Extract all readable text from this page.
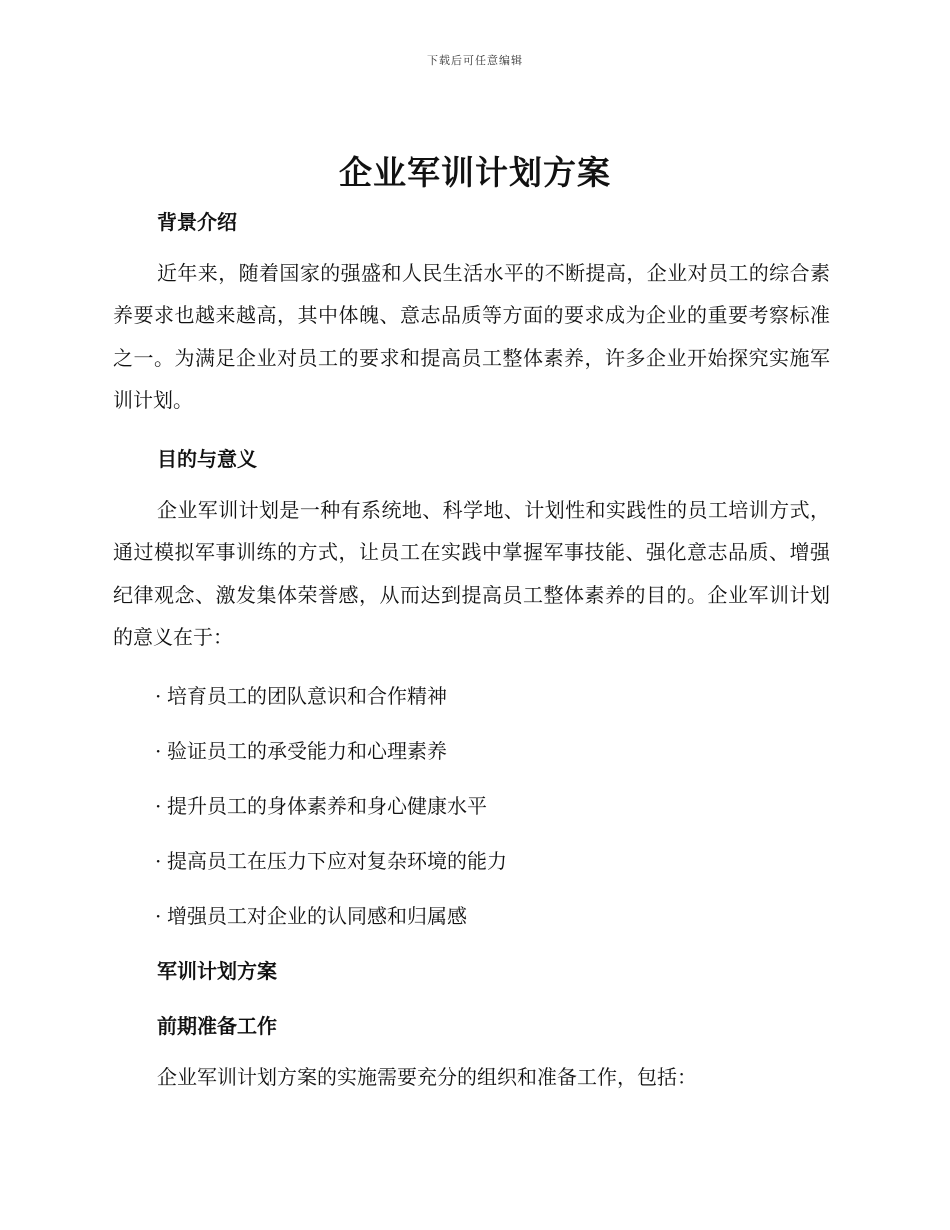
下载后可任意编辑
企业军训计划方案
背景介绍

近年来，随着国家的强盛和人民生活水平的不断提高，企业对员工的综合素养要求也越来越高，其中体魄、意志品质等方面的要求成为企业的重要考察标准之一。为满足企业对员工的要求和提高员工整体素养，许多企业开始探究实施军训计划。

目的与意义

企业军训计划是一种有系统地、科学地、计划性和实践性的员工培训方式，通过模拟军事训练的方式，让员工在实践中掌握军事技能、强化意志品质、增强纪律观念、激发集体荣誉感，从而达到提高员工整体素养的目的。企业军训计划的意义在于：

· 培育员工的团队意识和合作精神
· 验证员工的承受能力和心理素养
· 提升员工的身体素养和身心健康水平
· 提高员工在压力下应对复杂环境的能力
· 增强员工对企业的认同感和归属感
军训计划方案
前期准备工作

企业军训计划方案的实施需要充分的组织和准备工作，包括：
